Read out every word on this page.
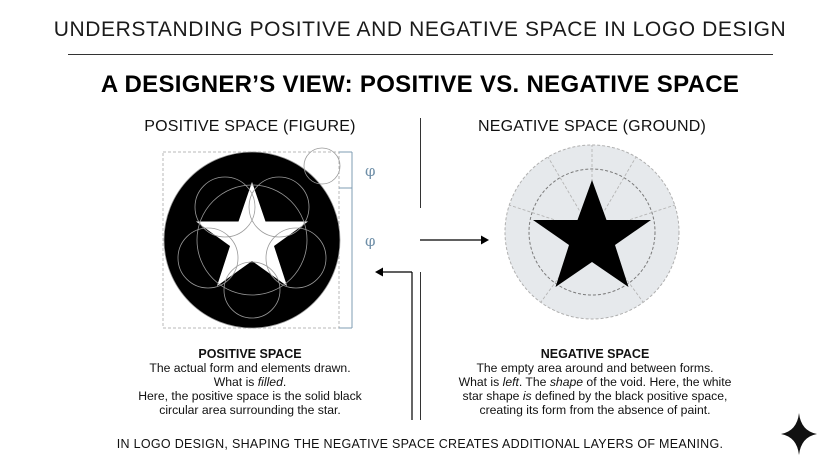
UNDERSTANDING POSITIVE AND NEGATIVE SPACE IN LOGO DESIGN
A DESIGNER’S VIEW: POSITIVE VS. NEGATIVE SPACE
POSITIVE SPACE (FIGURE)	NEGATIVE SPACE (GROUND)
φ
φ
POSITIVE SPACE
The actual form and elements drawn.
What is filled.
Here, the positive space is the solid black
circular area surrounding the star.
NEGATIVE SPACE
The empty area around and between forms.
What is left. The shape of the void. Here, the white
star shape is defined by the black positive space,
creating its form from the absence of paint.
IN LOGO DESIGN, SHAPING THE NEGATIVE SPACE CREATES ADDITIONAL LAYERS OF MEANING.
